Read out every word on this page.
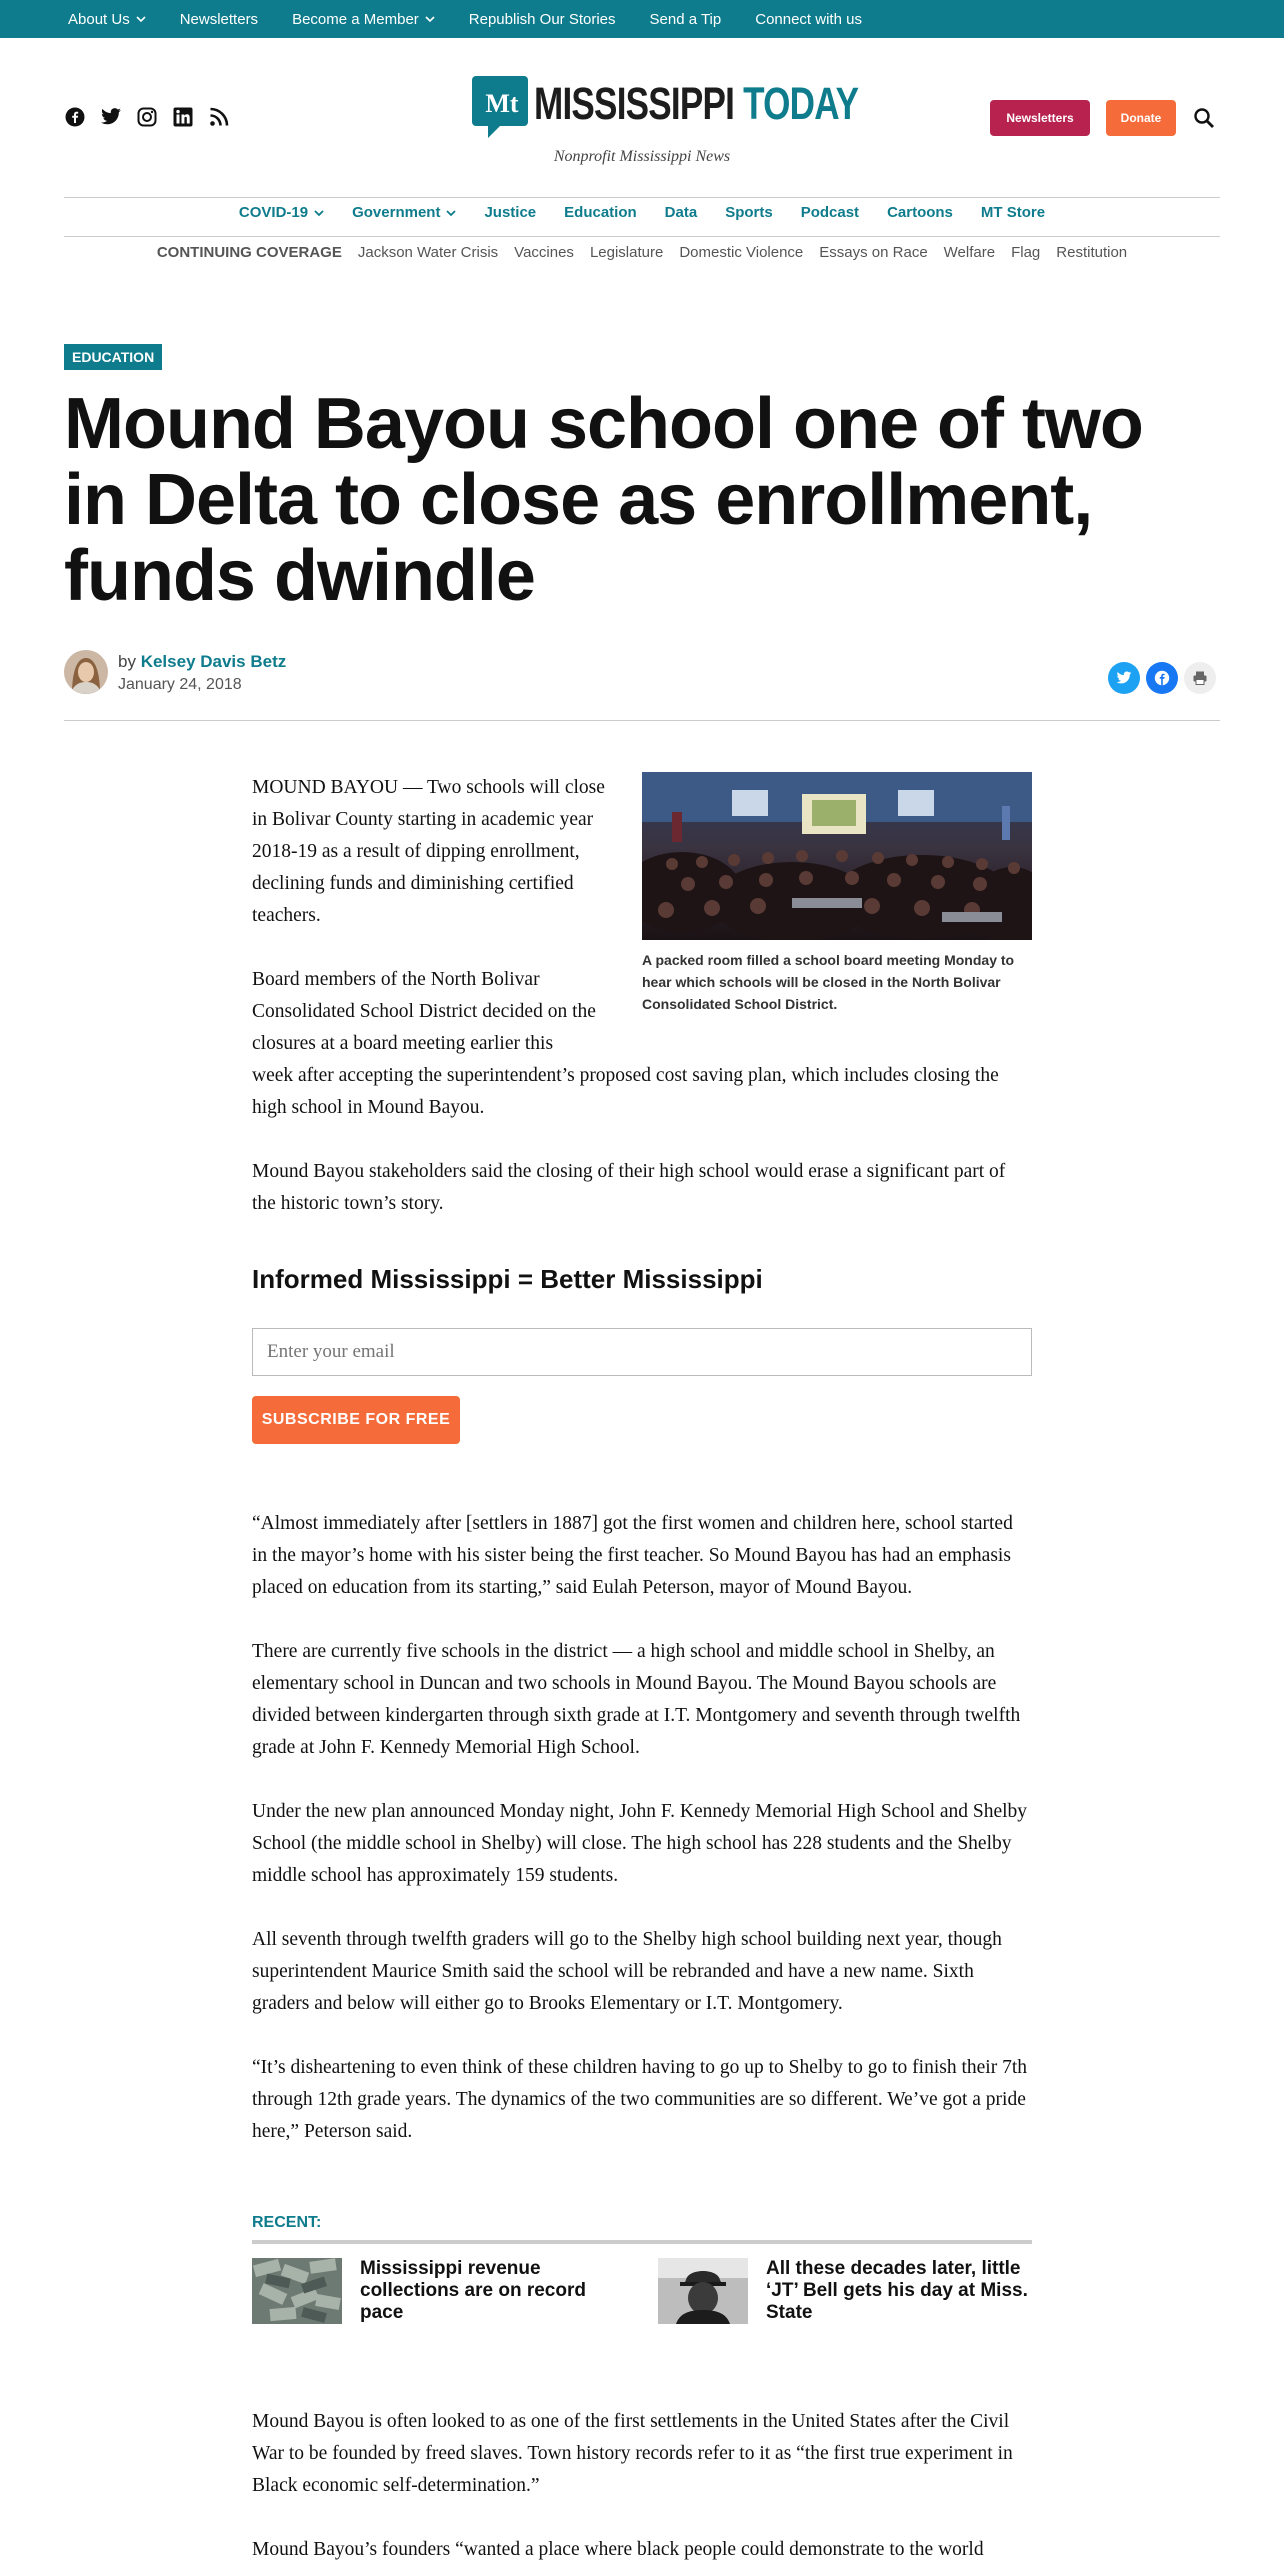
About Us	Newsletters Become a Member	Republish Our Stories Send a Tip Connect with us
MISSISSIPPI TODAY
Mt
Nonprofit Mississippi News
Newsletters	Donate
COVID-19	Government	Justice Education Data Sports Podcast Cartoons MT Store
CONTINUING COVERAGE Jackson Water Crisis Vaccines Legislature Domestic Violence Essays on Race Welfare Flag Restitution
EDUCATION
Mound Bayou school one of two in Delta to close as enrollment, funds dwindle
by Kelsey Davis Betz
January 24, 2018
A packed room filled a school board meeting Monday to hear which schools will be closed in the North Bolivar Consolidated School District.

MOUND BAYOU — Two schools will close in Bolivar County starting in academic year 2018-19 as a result of dipping enrollment, declining funds and diminishing certified teachers.

Board members of the North Bolivar Consolidated School District decided on the closures at a board meeting earlier this
week after accepting the superintendent’s proposed cost saving plan, which includes closing the high school in Mound Bayou.

Mound Bayou stakeholders said the closing of their high school would erase a significant part of the historic town’s story.

Informed Mississippi = Better Mississippi
Enter your email
SUBSCRIBE FOR FREE

“Almost immediately after [settlers in 1887] got the first women and children here, school started in the mayor’s home with his sister being the first teacher. So Mound Bayou has had an emphasis placed on education from its starting,” said Eulah Peterson, mayor of Mound Bayou.

There are currently five schools in the district — a high school and middle school in Shelby, an elementary school in Duncan and two schools in Mound Bayou. The Mound Bayou schools are divided between kindergarten through sixth grade at I.T. Montgomery and seventh through twelfth grade at John F. Kennedy Memorial High School.

Under the new plan announced Monday night, John F. Kennedy Memorial High School and Shelby School (the middle school in Shelby) will close. The high school has 228 students and the Shelby middle school has approximately 159 students.

All seventh through twelfth graders will go to the Shelby high school building next year, though superintendent Maurice Smith said the school will be rebranded and have a new name. Sixth graders and below will either go to Brooks Elementary or I.T. Montgomery.

“It’s disheartening to even think of these children having to go up to Shelby to go to finish their 7th through 12th grade years. The dynamics of the two communities are so different. We’ve got a pride here,” Peterson said.

RECENT:
Mississippi revenue collections are on record pace
All these decades later, little ‘JT’ Bell gets his day at Miss. State

Mound Bayou is often looked to as one of the first settlements in the United States after the Civil War to be founded by freed slaves. Town history records refer to it as “the first true experiment in Black economic self-determination.”

Mound Bayou’s founders “wanted a place where black people could demonstrate to the world
